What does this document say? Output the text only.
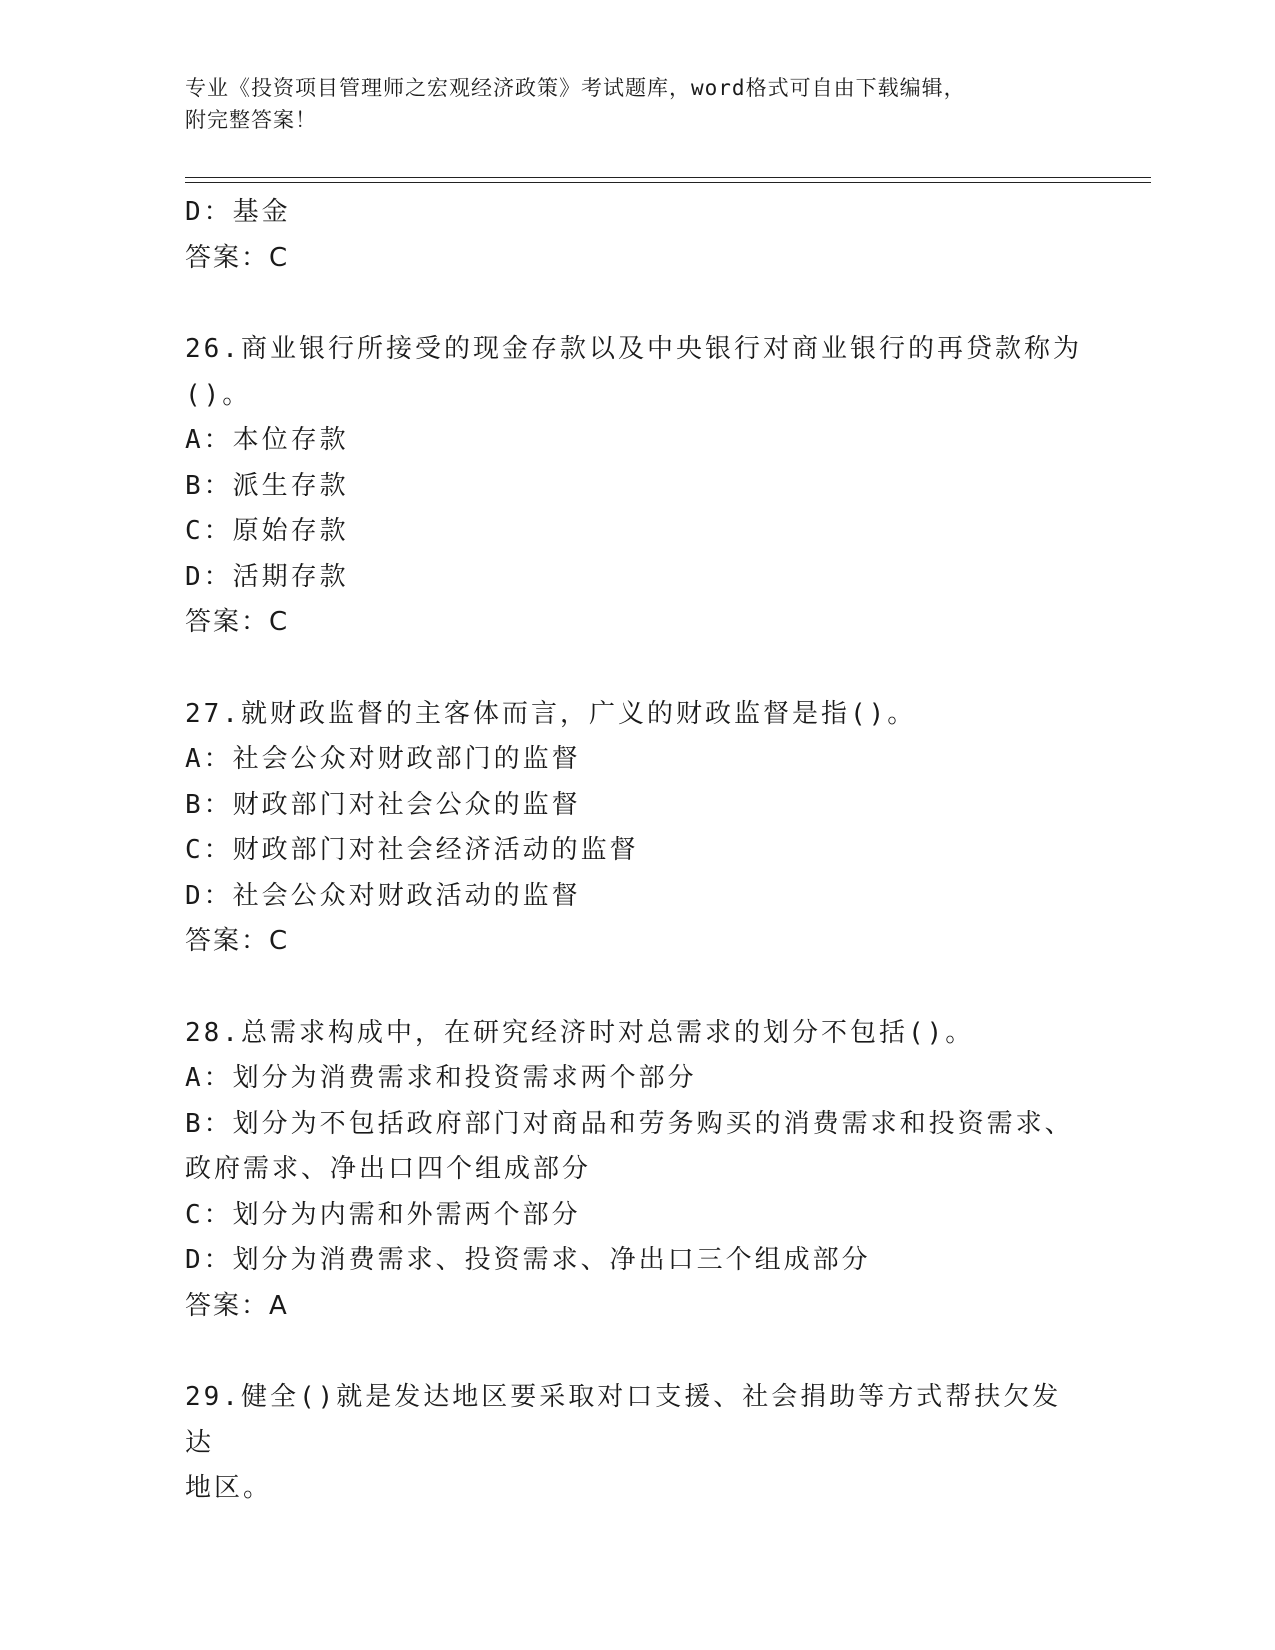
专业《投资项目管理师之宏观经济政策》考试题库，word格式可自由下载编辑，
附完整答案！
D：基金
答案：C
26.商业银行所接受的现金存款以及中央银行对商业银行的再贷款称为
()。
A：本位存款
B：派生存款
C：原始存款
D：活期存款
答案：C
27.就财政监督的主客体而言，广义的财政监督是指()。
A：社会公众对财政部门的监督
B：财政部门对社会公众的监督
C：财政部门对社会经济活动的监督
D：社会公众对财政活动的监督
答案：C
28.总需求构成中，在研究经济时对总需求的划分不包括()。
A：划分为消费需求和投资需求两个部分
B：划分为不包括政府部门对商品和劳务购买的消费需求和投资需求、
政府需求、净出口四个组成部分
C：划分为内需和外需两个部分
D：划分为消费需求、投资需求、净出口三个组成部分
答案：A
29.健全()就是发达地区要采取对口支援、社会捐助等方式帮扶欠发达
地区。
